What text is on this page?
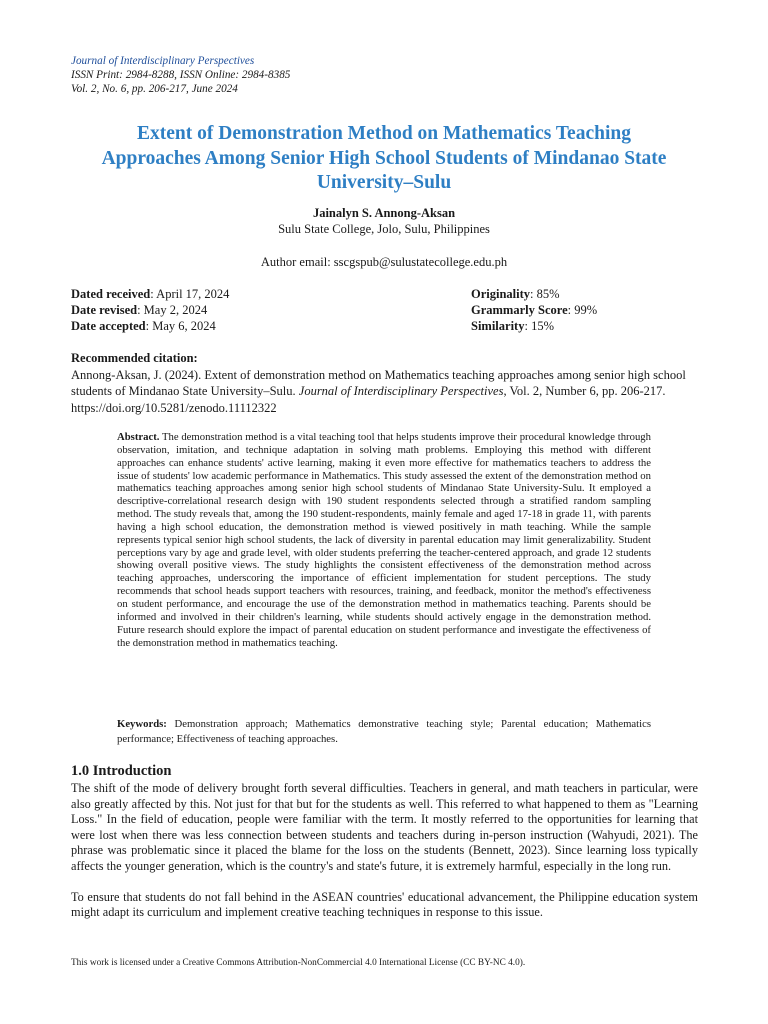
Journal of Interdisciplinary Perspectives
ISSN Print: 2984-8288, ISSN Online: 2984-8385
Vol. 2, No. 6, pp. 206-217, June 2024
Extent of Demonstration Method on Mathematics Teaching Approaches Among Senior High School Students of Mindanao State University–Sulu
Jainalyn S. Annong-Aksan
Sulu State College, Jolo, Sulu, Philippines
Author email: sscgspub@sulustatecollege.edu.ph
Dated received: April 17, 2024
Date revised: May 2, 2024
Date accepted: May 6, 2024
Originality: 85%
Grammarly Score: 99%
Similarity: 15%
Recommended citation:
Annong-Aksan, J. (2024). Extent of demonstration method on Mathematics teaching approaches among senior high school students of Mindanao State University–Sulu. Journal of Interdisciplinary Perspectives, Vol. 2, Number 6, pp. 206-217. https://doi.org/10.5281/zenodo.11112322
Abstract. The demonstration method is a vital teaching tool that helps students improve their procedural knowledge through observation, imitation, and technique adaptation in solving math problems. Employing this method with different approaches can enhance students' active learning, making it even more effective for mathematics teachers to address the issue of students' low academic performance in Mathematics. This study assessed the extent of the demonstration method on mathematics teaching approaches among senior high school students of Mindanao State University-Sulu. It employed a descriptive-correlational research design with 190 student respondents selected through a stratified random sampling method. The study reveals that, among the 190 student-respondents, mainly female and aged 17-18 in grade 11, with parents having a high school education, the demonstration method is viewed positively in math teaching. While the sample represents typical senior high school students, the lack of diversity in parental education may limit generalizability. Student perceptions vary by age and grade level, with older students preferring the teacher-centered approach, and grade 12 students showing overall positive views. The study highlights the consistent effectiveness of the demonstration method across teaching approaches, underscoring the importance of efficient implementation for student perceptions. The study recommends that school heads support teachers with resources, training, and feedback, monitor the method's effectiveness on student performance, and encourage the use of the demonstration method in mathematics teaching. Parents should be informed and involved in their children's learning, while students should actively engage in the demonstration method. Future research should explore the impact of parental education on student performance and investigate the effectiveness of the demonstration method in mathematics teaching.
Keywords: Demonstration approach; Mathematics demonstrative teaching style; Parental education; Mathematics performance; Effectiveness of teaching approaches.
1.0 Introduction

The shift of the mode of delivery brought forth several difficulties. Teachers in general, and math teachers in particular, were also greatly affected by this. Not just for that but for the students as well. This referred to what happened to them as "Learning Loss." In the field of education, people were familiar with the term. It mostly referred to the opportunities for learning that were lost when there was less connection between students and teachers during in-person instruction (Wahyudi, 2021). The phrase was problematic since it placed the blame for the loss on the students (Bennett, 2023). Since learning loss typically affects the younger generation, which is the country's and state's future, it is extremely harmful, especially in the long run.

To ensure that students do not fall behind in the ASEAN countries' educational advancement, the Philippine education system might adapt its curriculum and implement creative teaching techniques in response to this issue.

This work is licensed under a Creative Commons Attribution-NonCommercial 4.0 International License (CC BY-NC 4.0).
